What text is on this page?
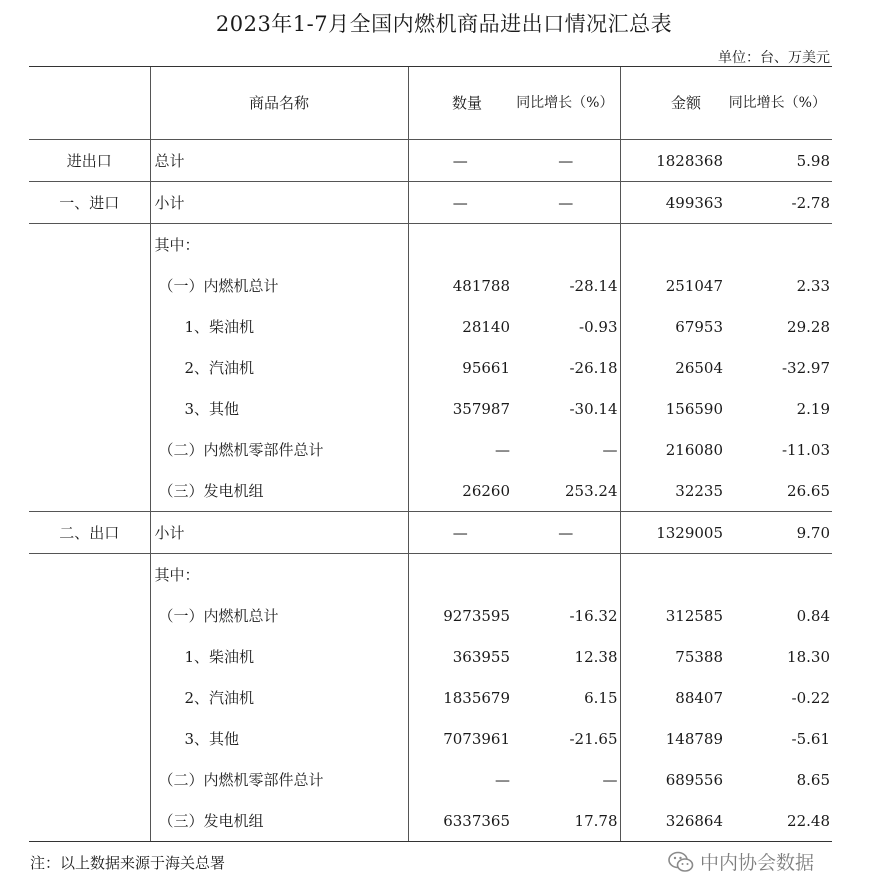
2023年1-7月全国内燃机商品进出口情况汇总表
单位：台、万美元
	商品名称	数量	同比增长（%）	金额	同比增长（%）
进出口	总计	—	—	1828368	5.98
一、进口	小计	—	—	499363	-2.78
	其中：				
	（一）内燃机总计	481788	-28.14	251047	2.33
	1、柴油机	28140	-0.93	67953	29.28
	2、汽油机	95661	-26.18	26504	-32.97
	3、其他	357987	-30.14	156590	2.19
	（二）内燃机零部件总计	—	—	216080	-11.03
	（三）发电机组	26260	253.24	32235	26.65
二、出口	小计	—	—	1329005	9.70
	其中：				
	（一）内燃机总计	9273595	-16.32	312585	0.84
	1、柴油机	363955	12.38	75388	18.30
	2、汽油机	1835679	6.15	88407	-0.22
	3、其他	7073961	-21.65	148789	-5.61
	（二）内燃机零部件总计	—	—	689556	8.65
	（三）发电机组	6337365	17.78	326864	22.48
注：以上数据来源于海关总署	中内协会数据
